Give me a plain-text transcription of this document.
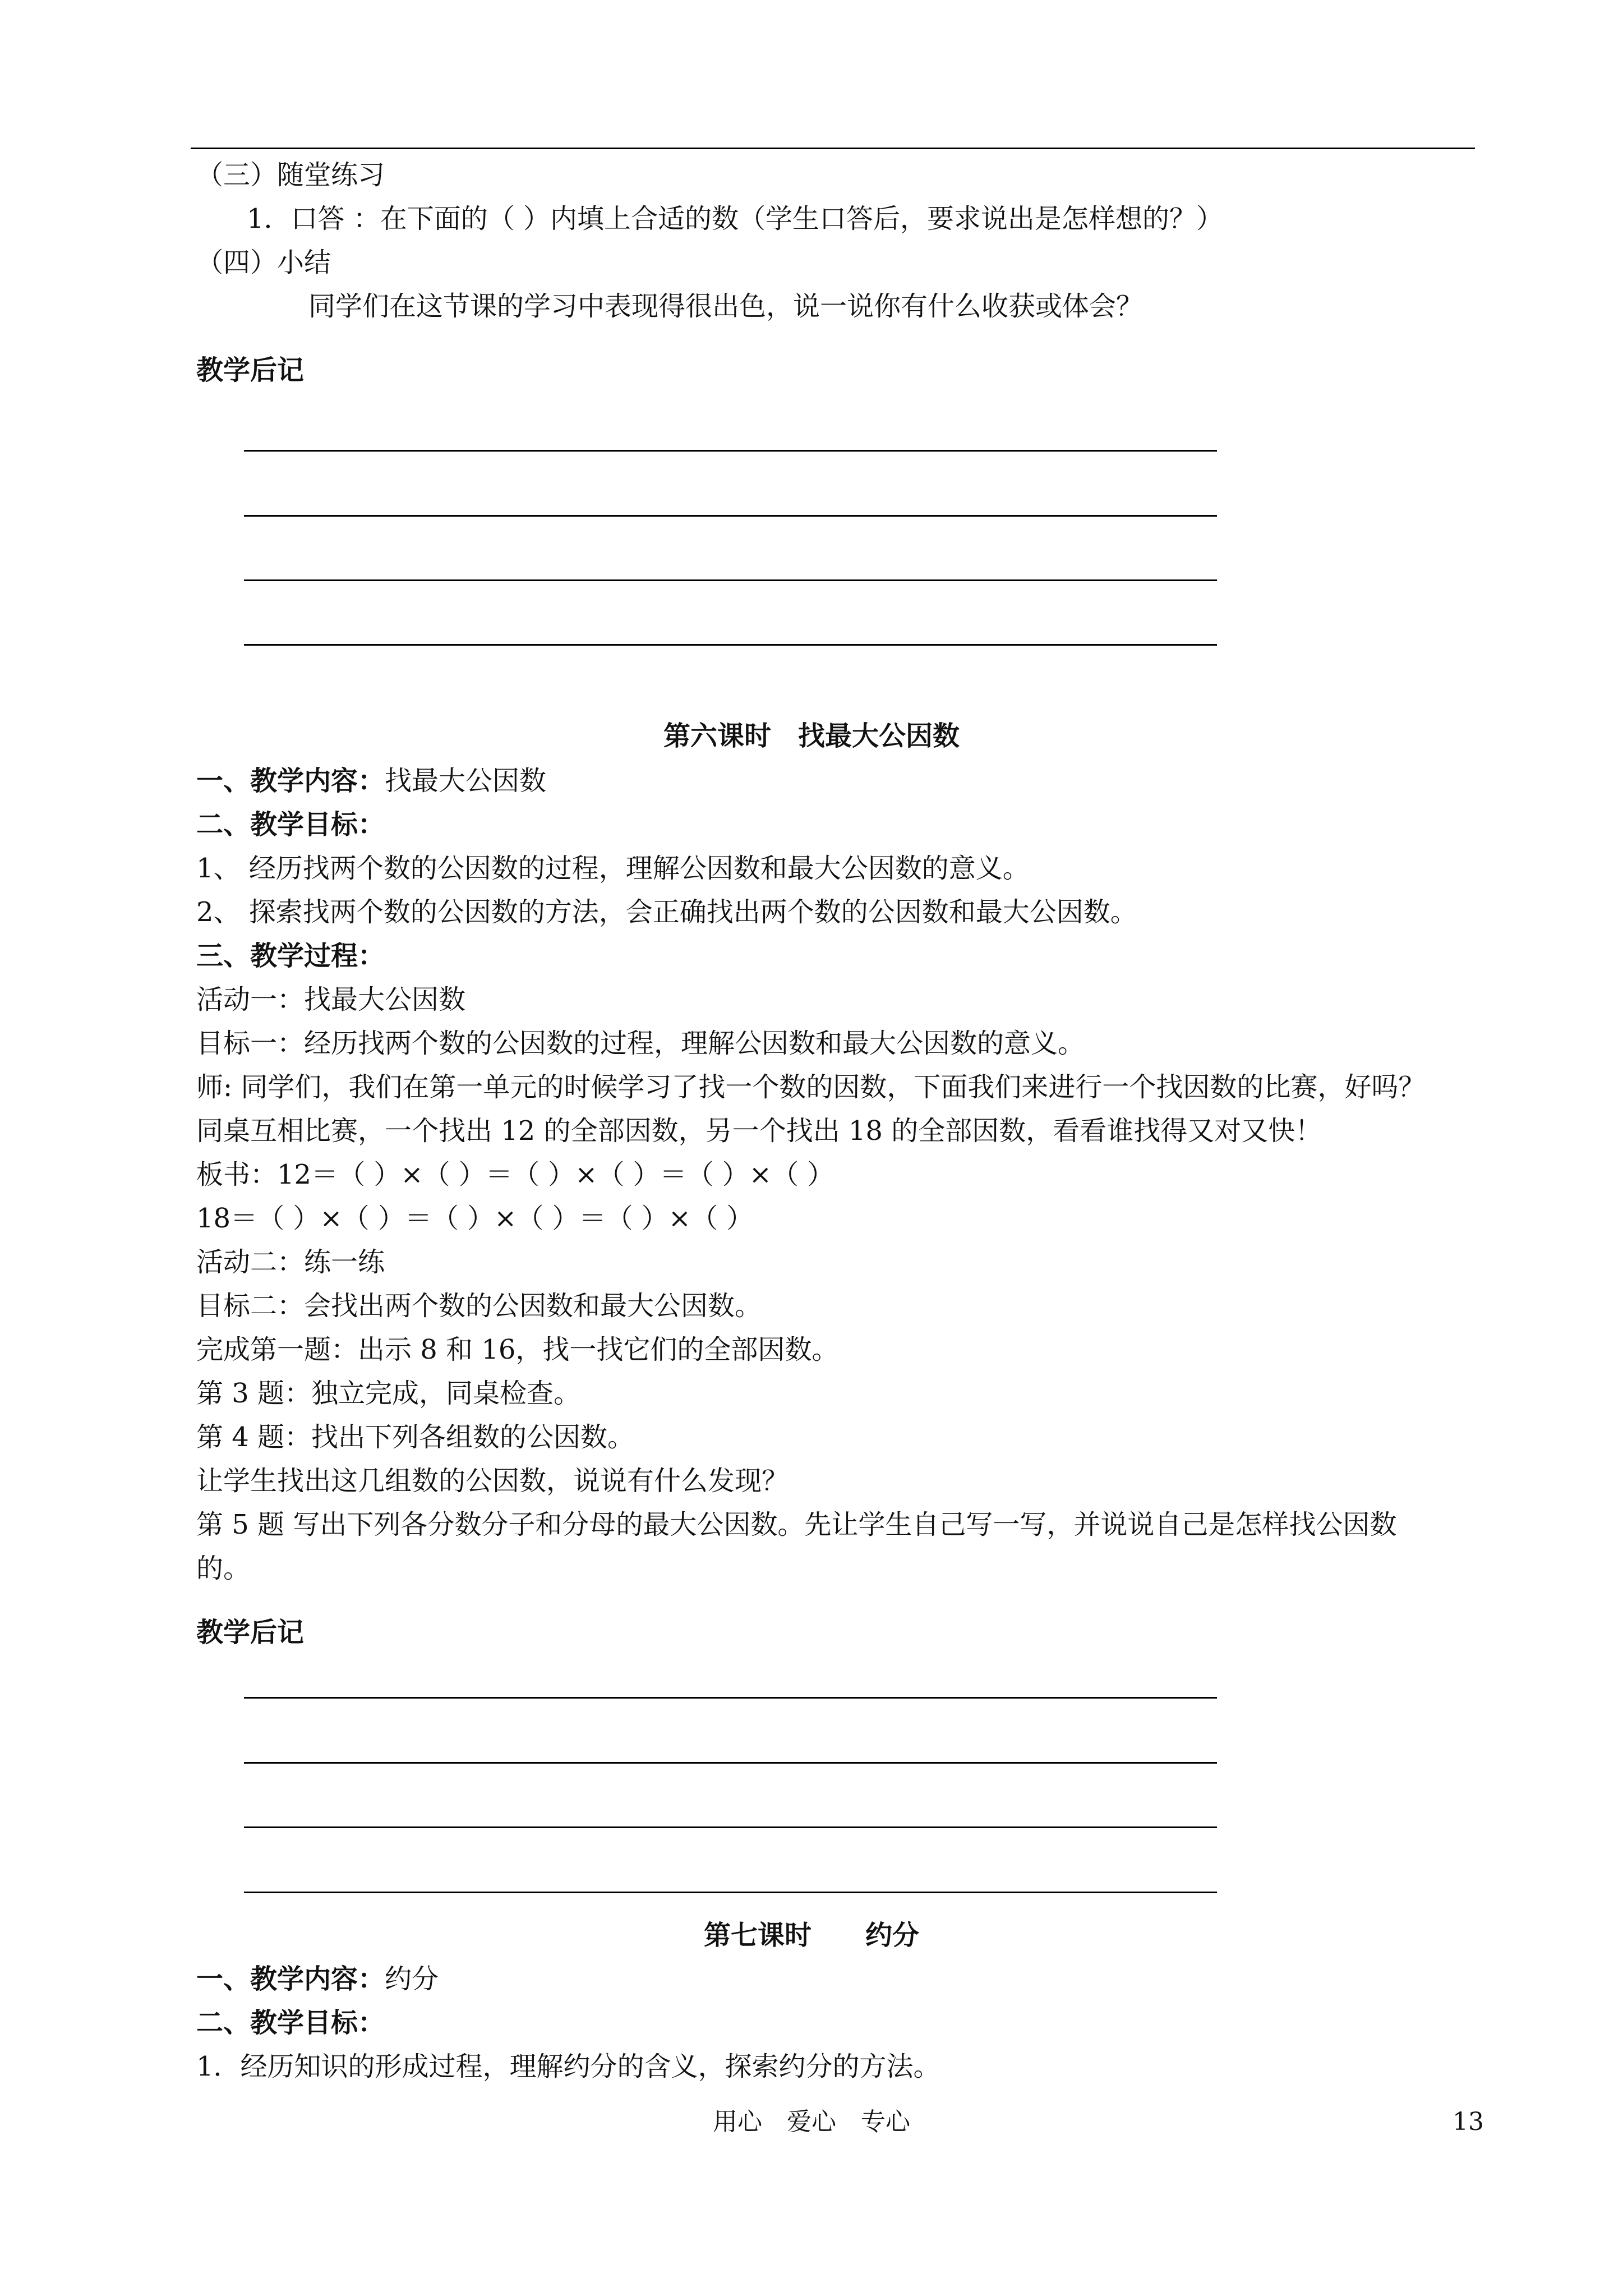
（三）随堂练习
1．口答 ：在下面的（ ）内填上合适的数（学生口答后，要求说出是怎样想的？）
（四）小结
同学们在这节课的学习中表现得很出色，说一说你有什么收获或体会？
教学后记
第六课时　找最大公因数
一、教学内容：找最大公因数
二、教学目标：
1、 经历找两个数的公因数的过程，理解公因数和最大公因数的意义。
2、 探索找两个数的公因数的方法，会正确找出两个数的公因数和最大公因数。
三、教学过程：
活动一：找最大公因数
目标一：经历找两个数的公因数的过程，理解公因数和最大公因数的意义。
师: 同学们，我们在第一单元的时候学习了找一个数的因数，下面我们来进行一个找因数的比赛，好吗？
同桌互相比赛，一个找出 12 的全部因数，另一个找出 18 的全部因数，看看谁找得又对又快！
板书：12＝（ ）×（ ）＝（ ）×（ ）＝（ ）×（ ）
18＝（ ）×（ ）＝（ ）×（ ）＝（ ）×（ ）
活动二：练一练
目标二：会找出两个数的公因数和最大公因数。
完成第一题：出示 8 和 16，找一找它们的全部因数。
第 3 题：独立完成，同桌检查。
第 4 题：找出下列各组数的公因数。
让学生找出这几组数的公因数，说说有什么发现？
第 5 题 写出下列各分数分子和分母的最大公因数。先让学生自己写一写，并说说自己是怎样找公因数
的。
教学后记
第七课时　　约分
一、教学内容：约分
二、教学目标：
用心　爱心　专心	13
1．经历知识的形成过程，理解约分的含义，探索约分的方法。
